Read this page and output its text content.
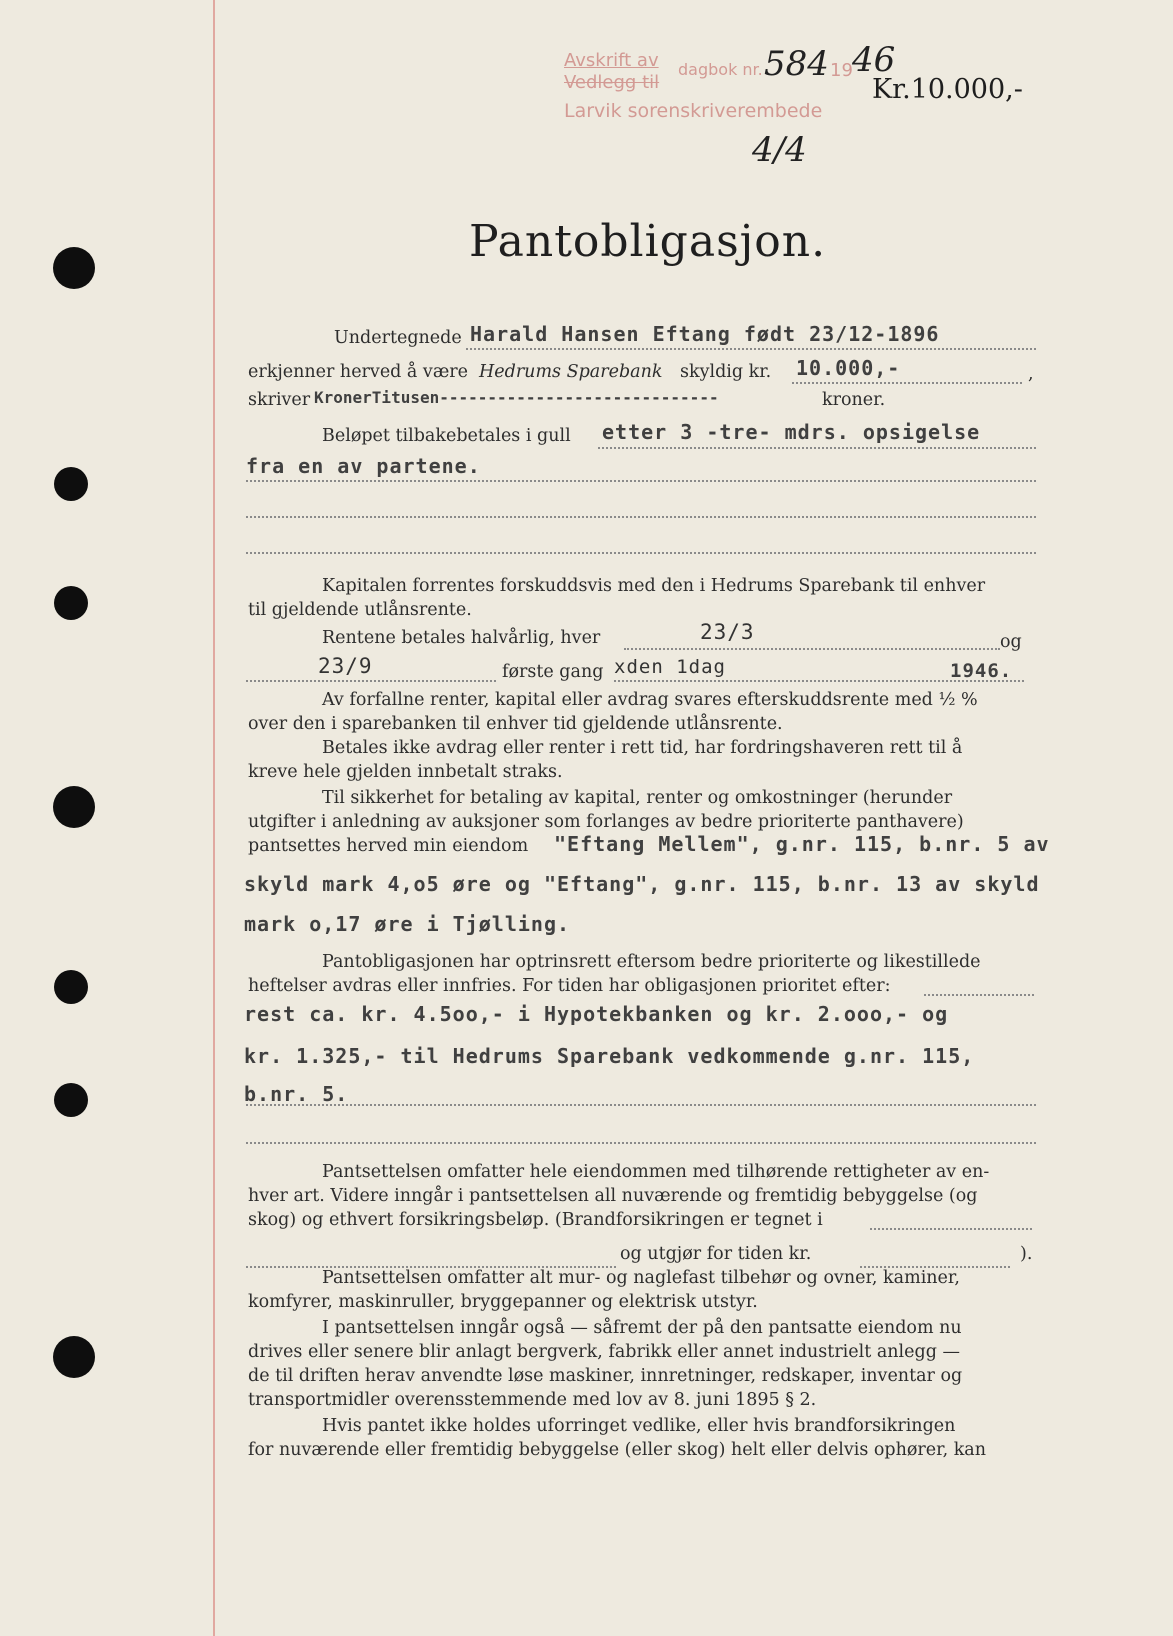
Avskrift av
Vedlegg til
dagbok nr. 584 19 46
Larvik sorenskriverembede
4/4
Kr.10.000,-
Pantobligasjon.
Undertegnede Harald Hansen Eftang født 23/12-1896
erkjenner herved å være Hedrums Sparebank skyldig kr. 10.000,-	,
skriver KronerTitusen-----------------------------	kroner.
Beløpet tilbakebetales i gull etter 3 -tre- mdrs. opsigelse
fra en av partene.
Kapitalen forrentes forskuddsvis med den i Hedrums Sparebank til enhver
til gjeldende utlånsrente.
Rentene betales halvårlig, hver	23/3	og
23/9	første gang xden 1dag	1946.
Av forfallne renter, kapital eller avdrag svares efterskuddsrente med ½ %
over den i sparebanken til enhver tid gjeldende utlånsrente.
Betales ikke avdrag eller renter i rett tid, har fordringshaveren rett til å
kreve hele gjelden innbetalt straks.
Til sikkerhet for betaling av kapital, renter og omkostninger (herunder
utgifter i anledning av auksjoner som forlanges av bedre prioriterte panthavere)
pantsettes herved min eiendom "Eftang Mellem", g.nr. 115, b.nr. 5 av
skyld mark 4,o5 øre og "Eftang", g.nr. 115, b.nr. 13 av skyld
mark o,17 øre i Tjølling.
Pantobligasjonen har optrinsrett eftersom bedre prioriterte og likestillede
heftelser avdras eller innfries. For tiden har obligasjonen prioritet efter:
rest ca. kr. 4.5oo,- i Hypotekbanken og kr. 2.ooo,- og
kr. 1.325,- til Hedrums Sparebank vedkommende g.nr. 115,
b.nr. 5.
Pantsettelsen omfatter hele eiendommen med tilhørende rettigheter av en-
hver art. Videre inngår i pantsettelsen all nuværende og fremtidig bebyggelse (og
skog) og ethvert forsikringsbeløp. (Brandforsikringen er tegnet i
og utgjør for tiden kr.	).
Pantsettelsen omfatter alt mur- og naglefast tilbehør og ovner, kaminer,
komfyrer, maskinruller, bryggepanner og elektrisk utstyr.
I pantsettelsen inngår også — såfremt der på den pantsatte eiendom nu
drives eller senere blir anlagt bergverk, fabrikk eller annet industrielt anlegg —
de til driften herav anvendte løse maskiner, innretninger, redskaper, inventar og
transportmidler overensstemmende med lov av 8. juni 1895 § 2.
Hvis pantet ikke holdes uforringet vedlike, eller hvis brandforsikringen
for nuværende eller fremtidig bebyggelse (eller skog) helt eller delvis ophører, kan
